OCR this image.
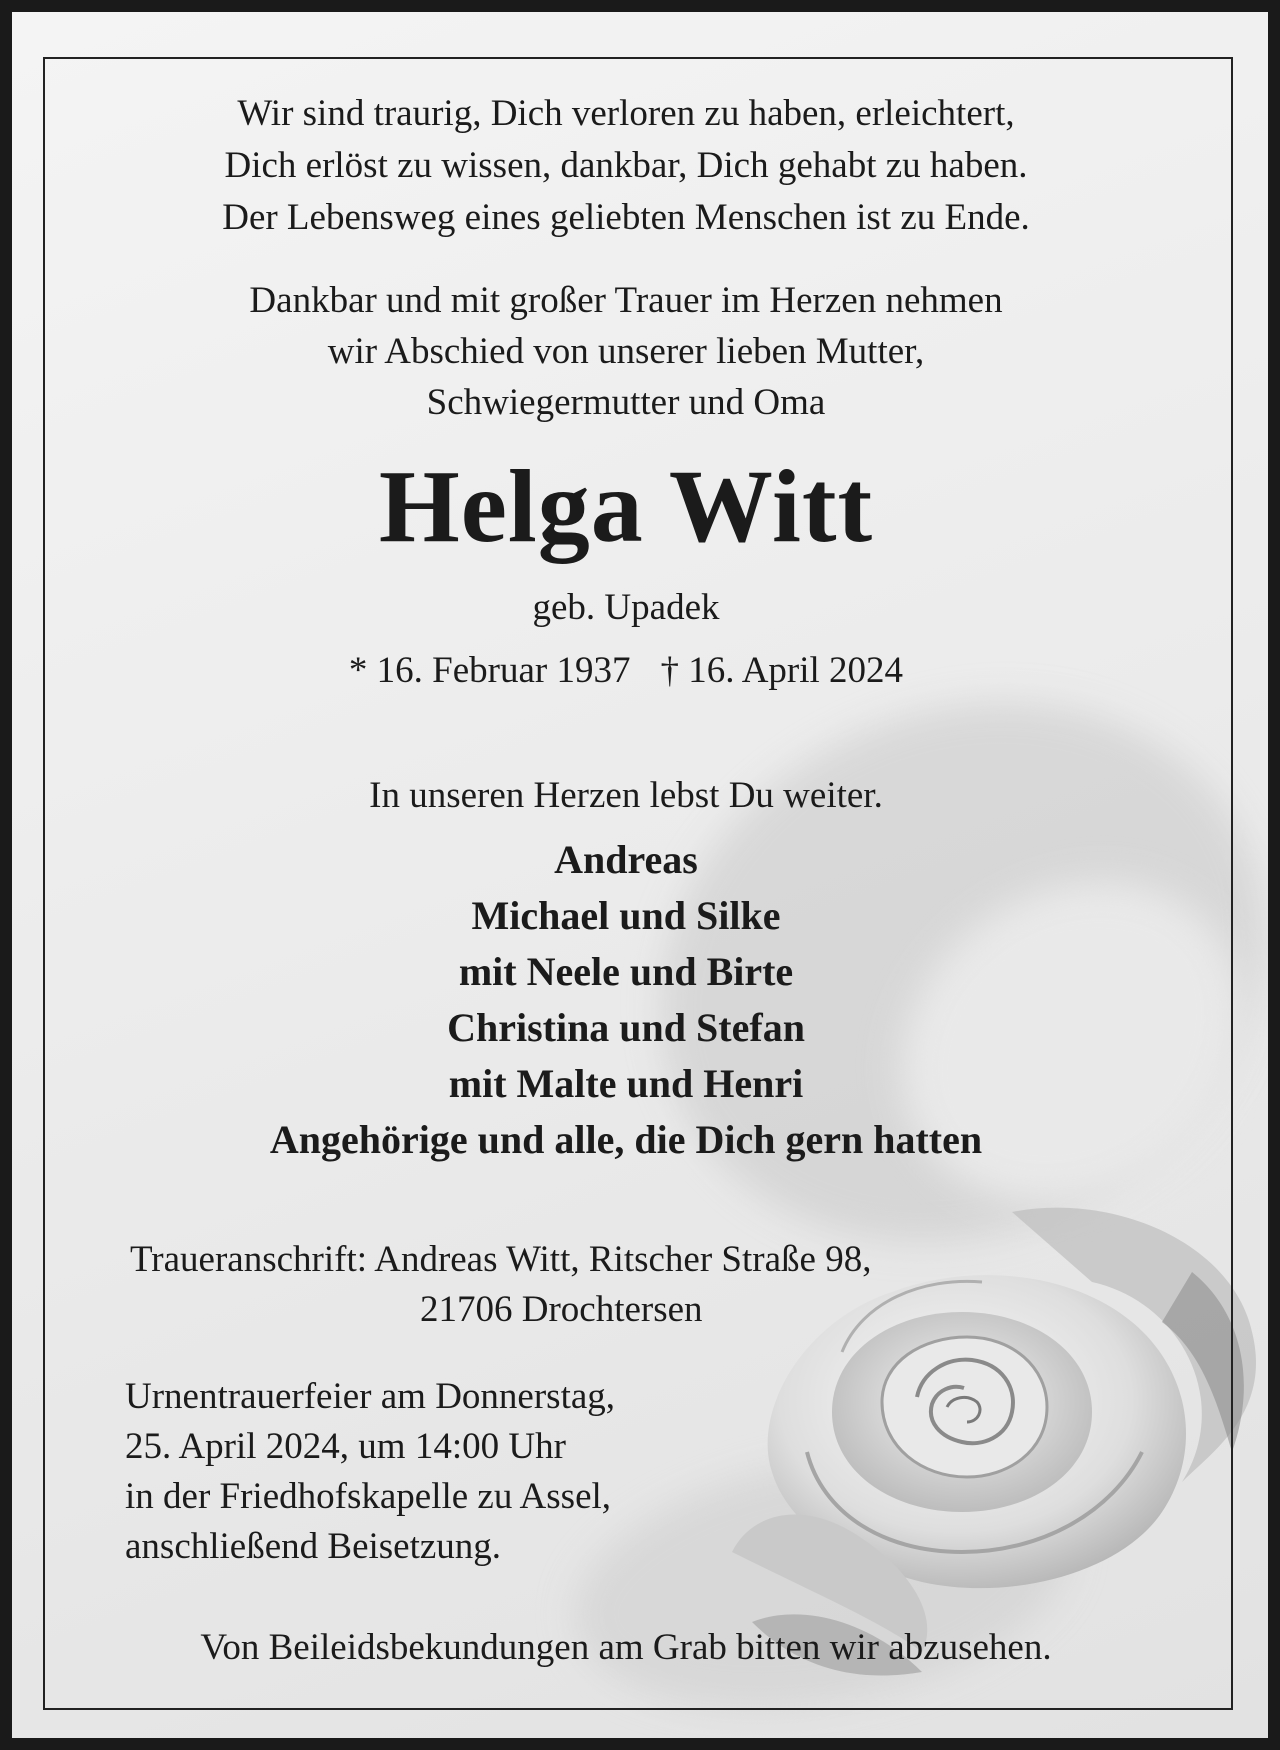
Wir sind traurig, Dich verloren zu haben, erleichtert,
Dich erlöst zu wissen, dankbar, Dich gehabt zu haben.
Der Lebensweg eines geliebten Menschen ist zu Ende.
Dankbar und mit großer Trauer im Herzen nehmen
wir Abschied von unserer lieben Mutter,
Schwiegermutter und Oma
Helga Witt
geb. Upadek
* 16. Februar 1937 † 16. April 2024
In unseren Herzen lebst Du weiter.
Andreas
Michael und Silke
mit Neele und Birte
Christina und Stefan
mit Malte und Henri
Angehörige und alle, die Dich gern hatten
Traueranschrift: Andreas Witt, Ritscher Straße 98,
21706 Drochtersen
Urnentrauerfeier am Donnerstag,
25. April 2024, um 14:00 Uhr
in der Friedhofskapelle zu Assel,
anschließend Beisetzung.
Von Beileidsbekundungen am Grab bitten wir abzusehen.
